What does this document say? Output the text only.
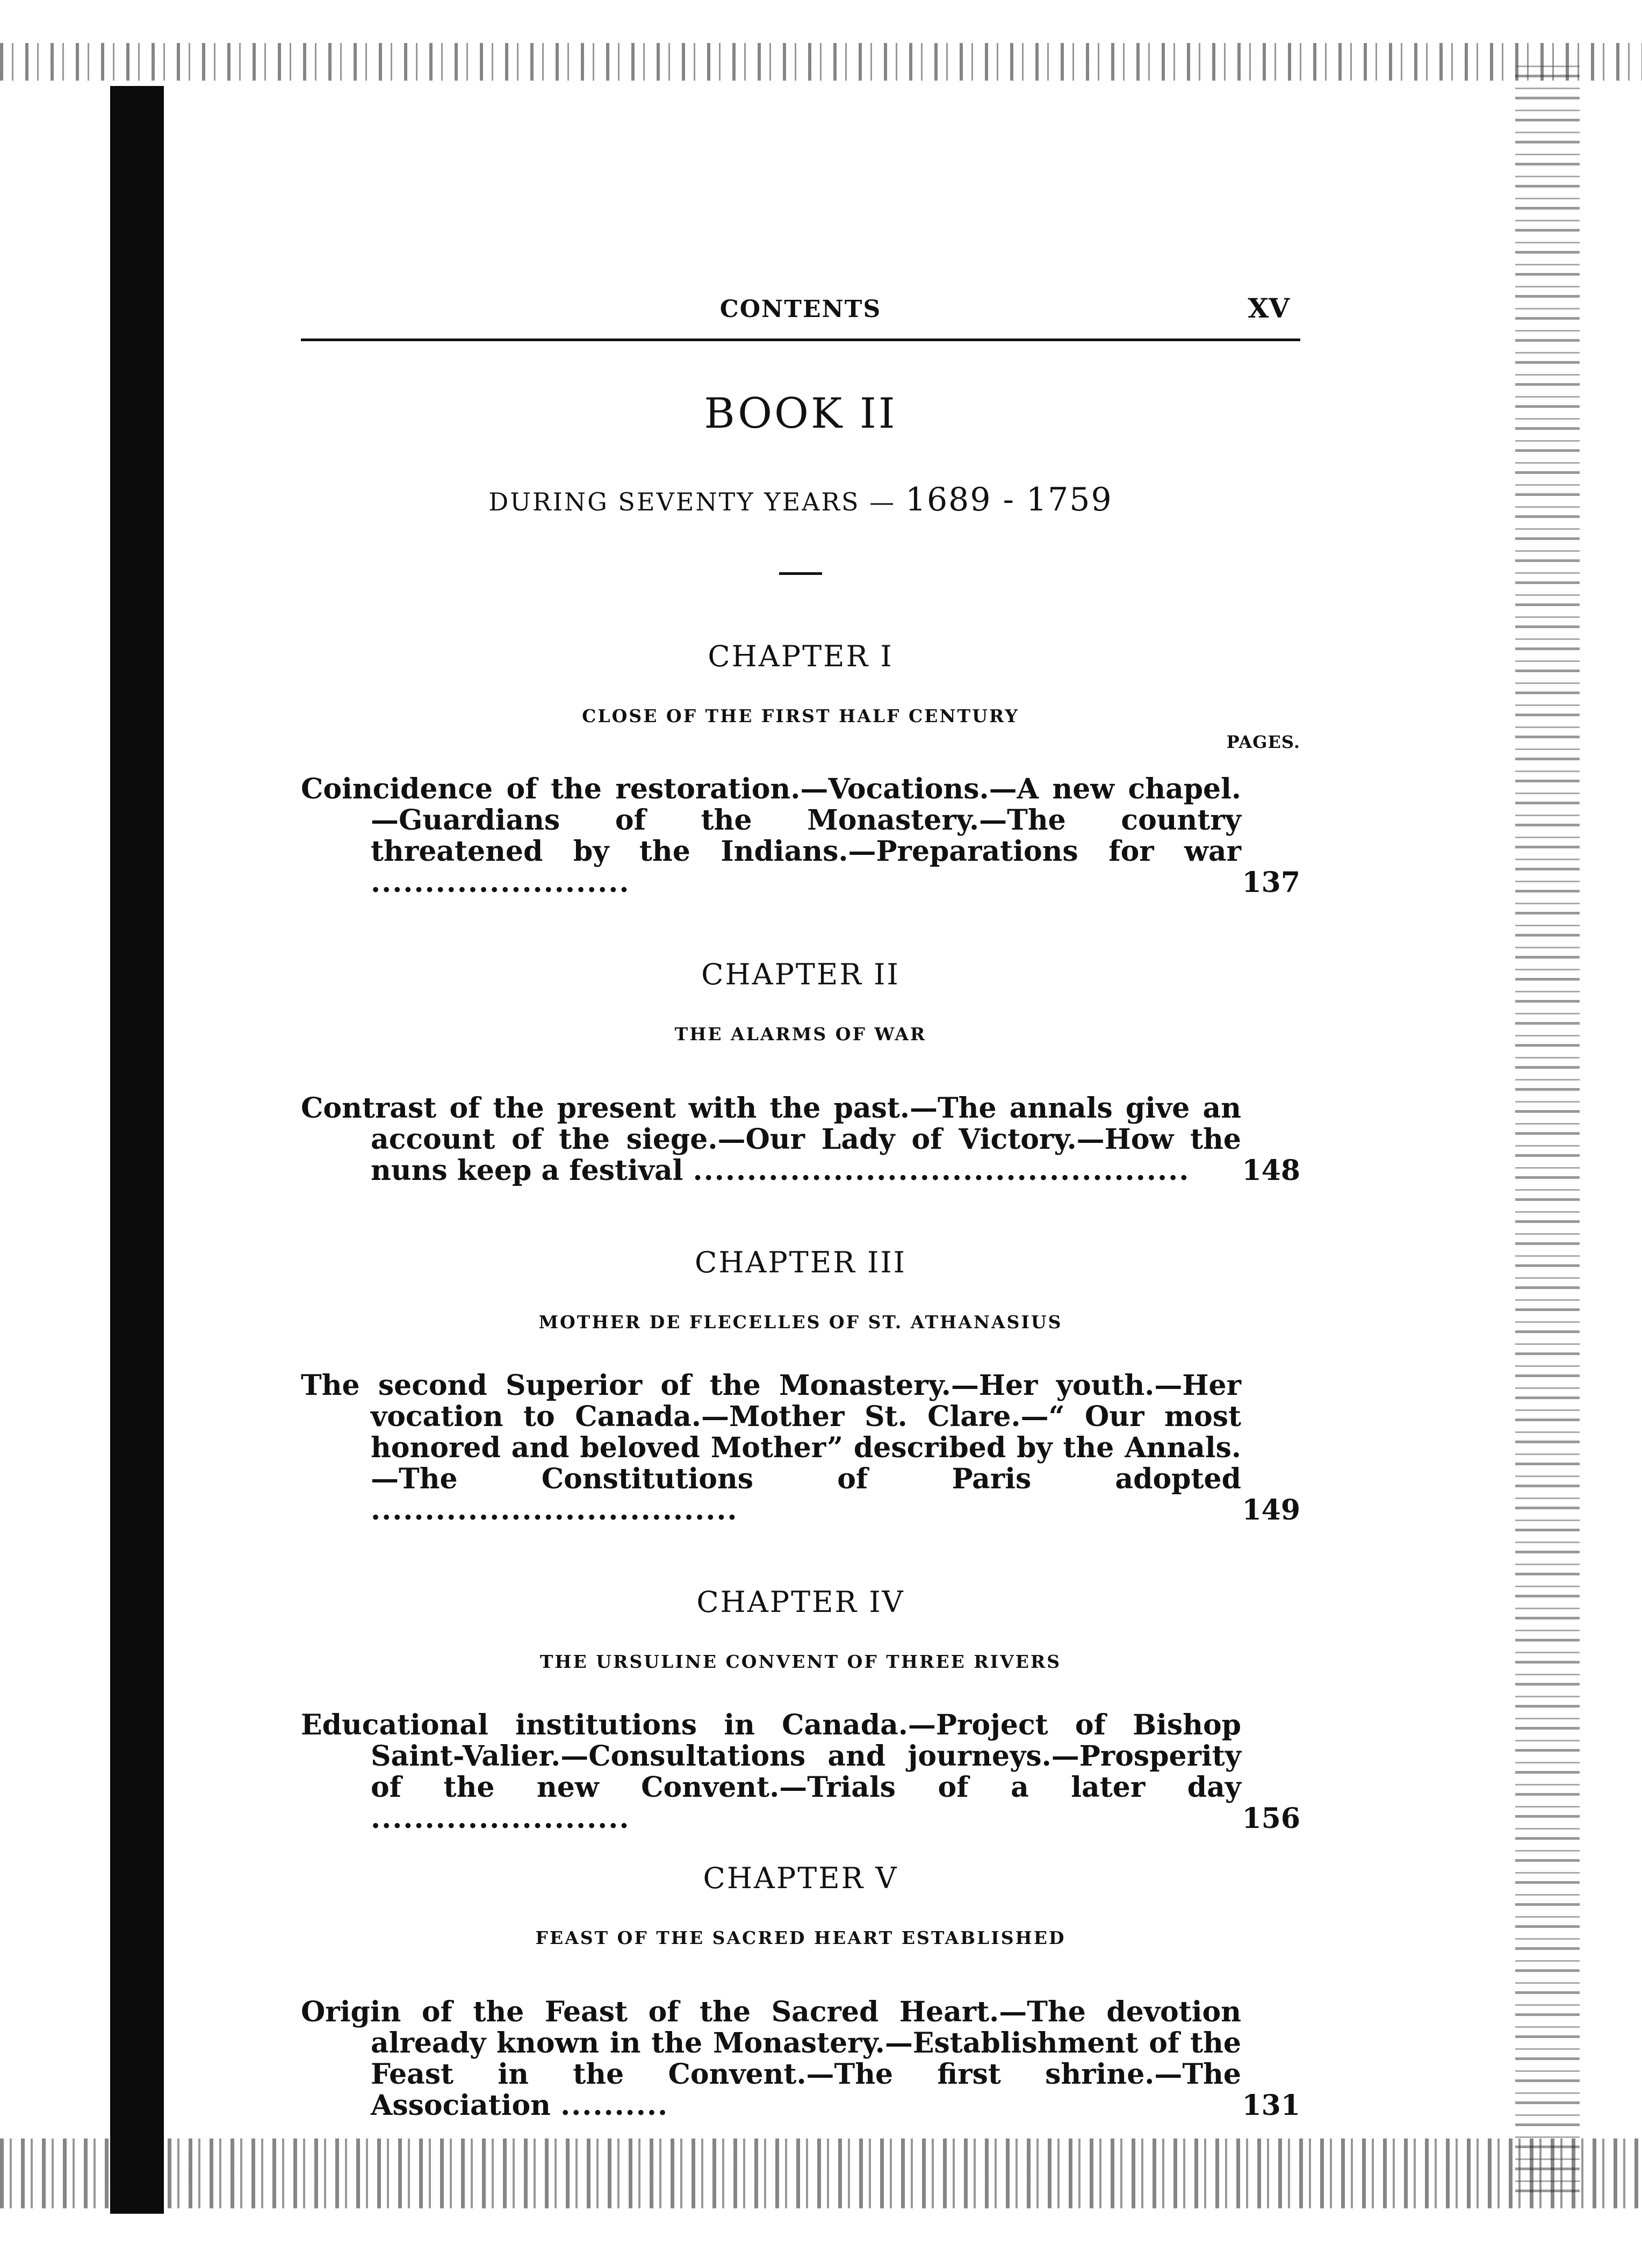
CONTENTS	XV
BOOK II
DURING SEVENTY YEARS — 1689 - 1759
CHAPTER I
CLOSE OF THE FIRST HALF CENTURY
PAGES.
Coincidence of the restoration.—Vocations.—A new chapel.—Guardians of the Monastery.—The country threatened by the Indians.—Preparations for war ........................	137
CHAPTER II
THE ALARMS OF WAR
Contrast of the present with the past.—The annals give an account of the siege.—Our Lady of Victory.—How the nuns keep a festival ..............................................	148
CHAPTER III
MOTHER DE FLECELLES OF ST. ATHANASIUS
The second Superior of the Monastery.—Her youth.—Her vocation to Canada.—Mother St. Clare.—“ Our most honored and beloved Mother” described by the Annals.—The Constitutions of Paris adopted ..................................	149
CHAPTER IV
THE URSULINE CONVENT OF THREE RIVERS
Educational institutions in Canada.—Project of Bishop Saint-Valier.—Consultations and journeys.—Prosperity of the new Convent.—Trials of a later day ........................	156
CHAPTER V
FEAST OF THE SACRED HEART ESTABLISHED
Origin of the Feast of the Sacred Heart.—The devotion already known in the Monastery.—Establishment of the Feast in the Convent.—The first shrine.—The Association ..........	131
